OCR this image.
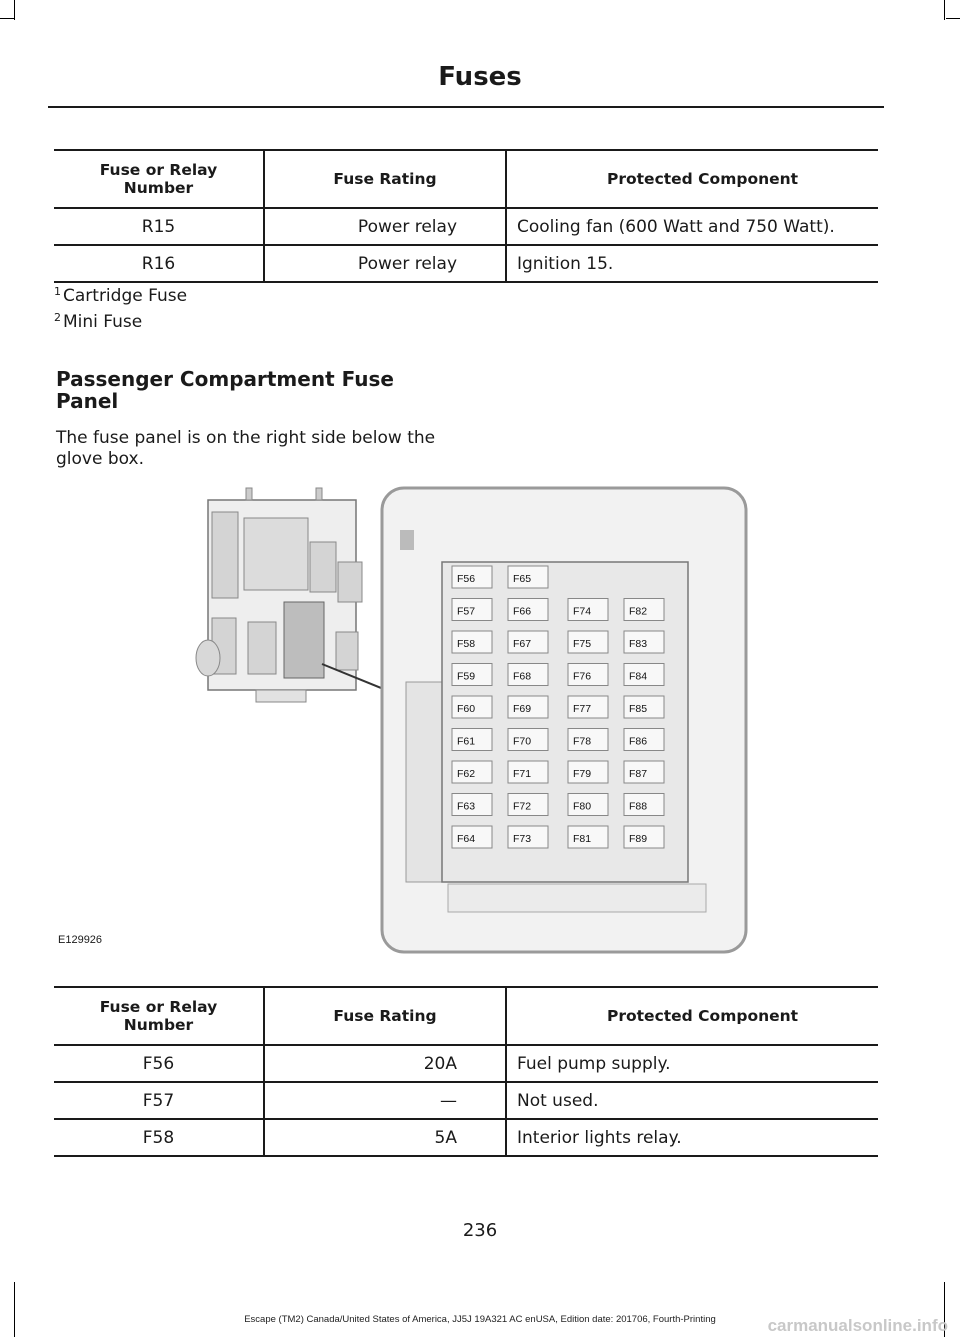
Fuses
Fuse or Relay Number	Fuse Rating	Protected Component
R15	Power relay	Cooling fan (600 Watt and 750 Watt).
R16	Power relay	Ignition 15.
$^1$ Cartridge Fuse
$^2$ Mini Fuse
Passenger Compartment Fuse Panel
The fuse panel is on the right side below the glove box.
F56
F57
F58
F59
F60
F61
F62
F63
F64
F65
F66
F67
F68
F69
F70
F71
F72
F73
F74
F75
F76
F77
F78
F79
F80
F81
F82
F83
F84
F85
F86
F87
F88
F89
E129926
Fuse or Relay Number	Fuse Rating	Protected Component
F56	20A	Fuel pump supply.
F57	—	Not used.
F58	5A	Interior lights relay.
236
Escape (TM2) Canada/United States of America, JJ5J 19A321 AC enUSA, Edition date: 201706, Fourth-Printing	carmanualsonline.info
